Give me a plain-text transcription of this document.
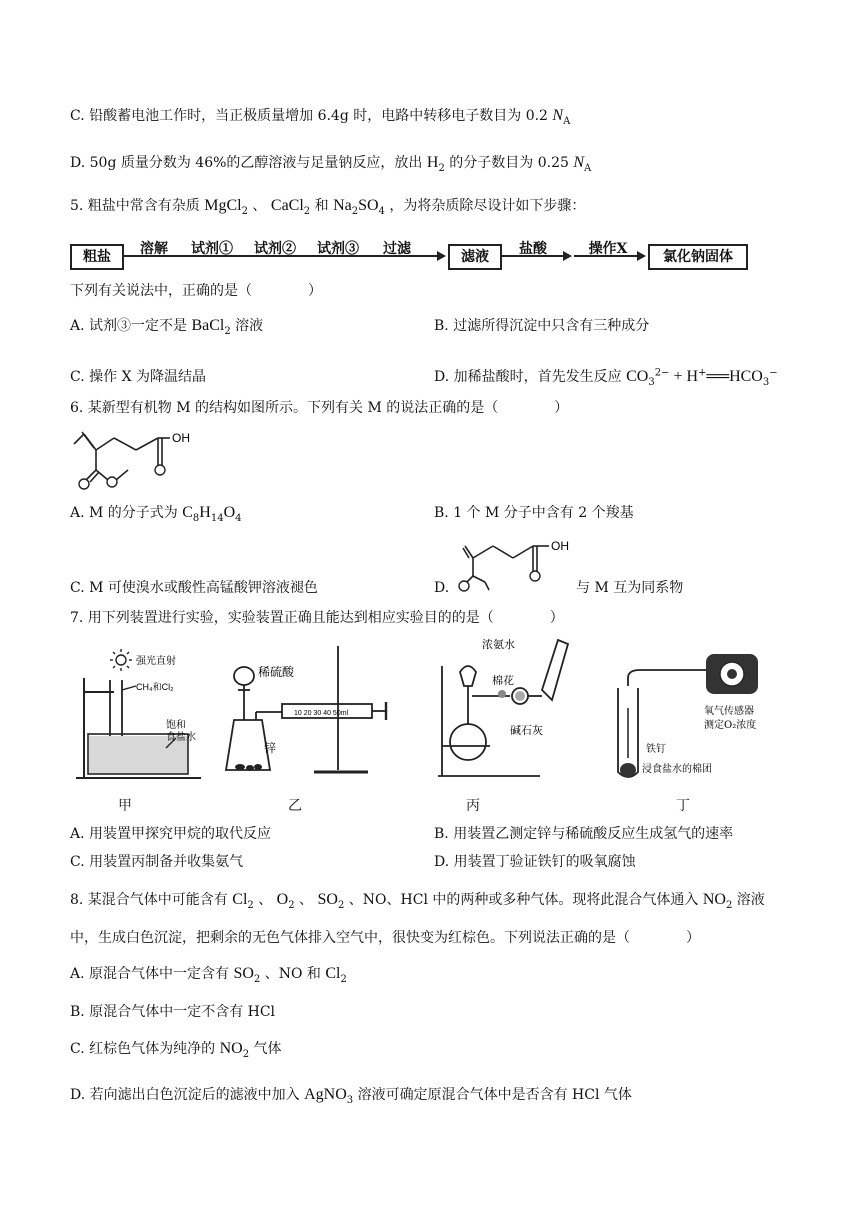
C. 铅酸蓄电池工作时，当正极质量增加 6.4g 时，电路中转移电子数目为 0.2 $N_A$
D. 50g 质量分数为 46%的乙醇溶液与足量钠反应，放出 $H_2$ 的分子数目为 0.25 $N_A$
5. 粗盐中常含有杂质 MgCl$_2$ 、 CaCl$_2$ 和 $Na_2SO_4$ ，为将杂质除尽设计如下步骤：
粗盐	溶解	试剂①	试剂②	试剂③	过滤	滤液	盐酸	操作X	氯化钠固体
下列有关说法中，正确的是（　　　　）
A. 试剂③一定不是 BaCl$_2$ 溶液	B. 过滤所得沉淀中只含有三种成分
C. 操作 X 为降温结晶	D. 加稀盐酸时，首先发生反应 $CO_3^{2-}$ + $H^+══HCO_3^-$
6. 某新型有机物 M 的结构如图所示。下列有关 M 的说法正确的是（　　　　）
OH
A. M 的分子式为 $C_8H_{14}O_4$	B. 1 个 M 分子中含有 2 个羧基
C. M 可使溴水或酸性高锰酸钾溶液褪色	D.
OH
与 M 互为同系物
7. 用下列装置进行实验，实验装置正确且能达到相应实验目的的是（　　　　）
强光直射
CH₄和Cl₂
饱和
食盐水
甲
稀硫酸
10 20 30 40 50ml
锌
乙
浓氨水
棉花
碱石灰
丙
氧气传感器
测定O₂浓度
铁钉
浸食盐水的棉团
丁
A. 用装置甲探究甲烷的取代反应	B. 用装置乙测定锌与稀硫酸反应生成氢气的速率
C. 用装置丙制备并收集氨气	D. 用装置丁验证铁钉的吸氧腐蚀
8. 某混合气体中可能含有 $Cl_2$ 、 $O_2$ 、 $SO_2$ 、NO、HCl 中的两种或多种气体。现将此混合气体通入 $NO_2$ 溶液
中，生成白色沉淀，把剩余的无色气体排入空气中，很快变为红棕色。下列说法正确的是（　　　　）
A. 原混合气体中一定含有 $SO_2$ 、NO 和 $Cl_2$
B. 原混合气体中一定不含有 HCl
C. 红棕色气体为纯净的 $NO_2$ 气体
D. 若向滤出白色沉淀后的滤液中加入 AgNO$_3$ 溶液可确定原混合气体中是否含有 HCl 气体
